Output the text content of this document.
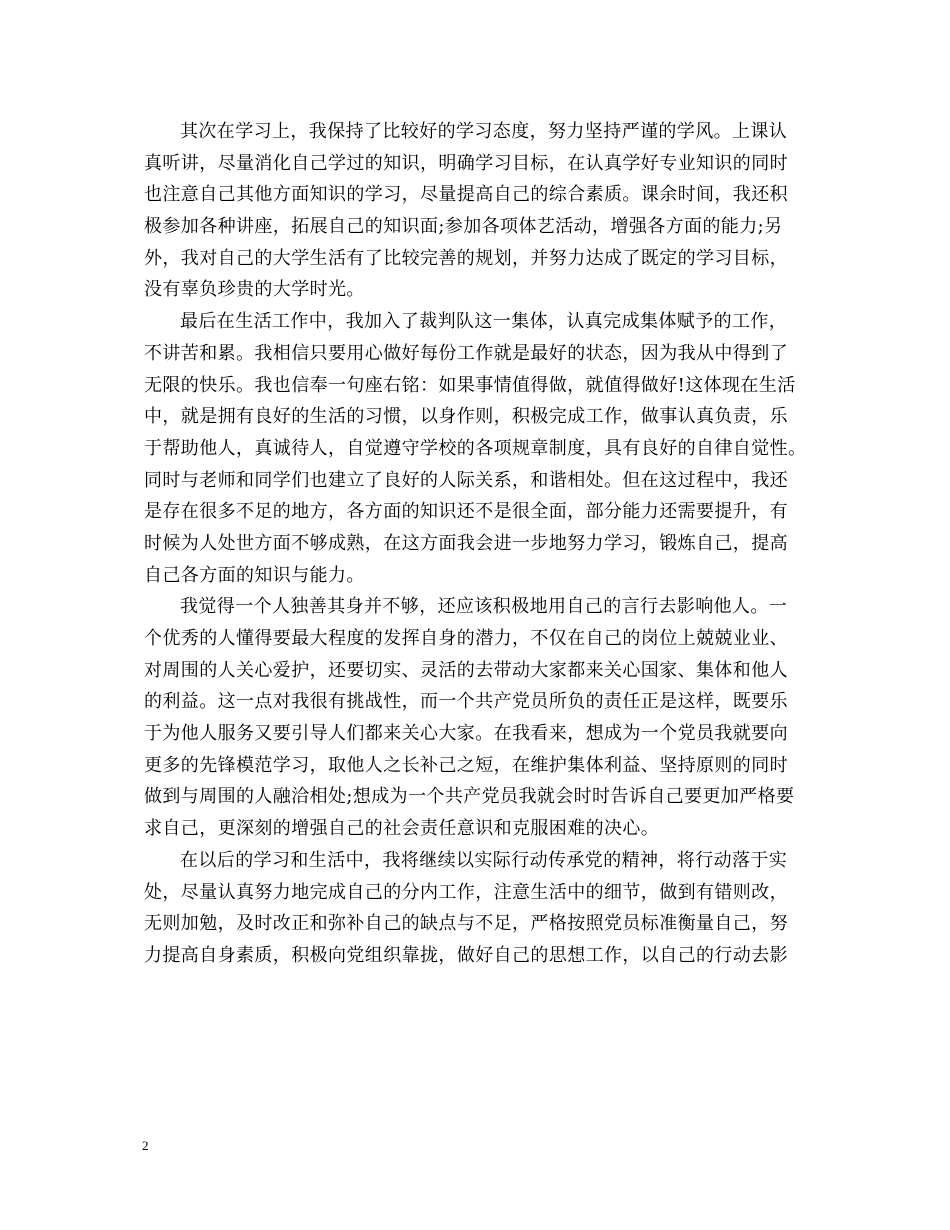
其次在学习上，我保持了比较好的学习态度，努力坚持严谨的学风。上课认
真听讲，尽量消化自己学过的知识，明确学习目标，在认真学好专业知识的同时
也注意自己其他方面知识的学习，尽量提高自己的综合素质。课余时间，我还积
极参加各种讲座，拓展自己的知识面;参加各项体艺活动，增强各方面的能力;另
外，我对自己的大学生活有了比较完善的规划，并努力达成了既定的学习目标，
没有辜负珍贵的大学时光。
最后在生活工作中，我加入了裁判队这一集体，认真完成集体赋予的工作，
不讲苦和累。我相信只要用心做好每份工作就是最好的状态，因为我从中得到了
无限的快乐。我也信奉一句座右铭：如果事情值得做，就值得做好!这体现在生活
中，就是拥有良好的生活的习惯，以身作则，积极完成工作，做事认真负责，乐
于帮助他人，真诚待人，自觉遵守学校的各项规章制度，具有良好的自律自觉性。
同时与老师和同学们也建立了良好的人际关系，和谐相处。但在这过程中，我还
是存在很多不足的地方，各方面的知识还不是很全面，部分能力还需要提升，有
时候为人处世方面不够成熟，在这方面我会进一步地努力学习，锻炼自己，提高
自己各方面的知识与能力。
我觉得一个人独善其身并不够，还应该积极地用自己的言行去影响他人。一
个优秀的人懂得要最大程度的发挥自身的潜力，不仅在自己的岗位上兢兢业业、
对周围的人关心爱护，还要切实、灵活的去带动大家都来关心国家、集体和他人
的利益。这一点对我很有挑战性，而一个共产党员所负的责任正是这样，既要乐
于为他人服务又要引导人们都来关心大家。在我看来，想成为一个党员我就要向
更多的先锋模范学习，取他人之长补己之短，在维护集体利益、坚持原则的同时
做到与周围的人融洽相处;想成为一个共产党员我就会时时告诉自己要更加严格要
求自己，更深刻的增强自己的社会责任意识和克服困难的决心。
在以后的学习和生活中，我将继续以实际行动传承党的精神，将行动落于实
处，尽量认真努力地完成自己的分内工作，注意生活中的细节，做到有错则改，
无则加勉，及时改正和弥补自己的缺点与不足，严格按照党员标准衡量自己，努
力提高自身素质，积极向党组织靠拢，做好自己的思想工作，以自己的行动去影
2
